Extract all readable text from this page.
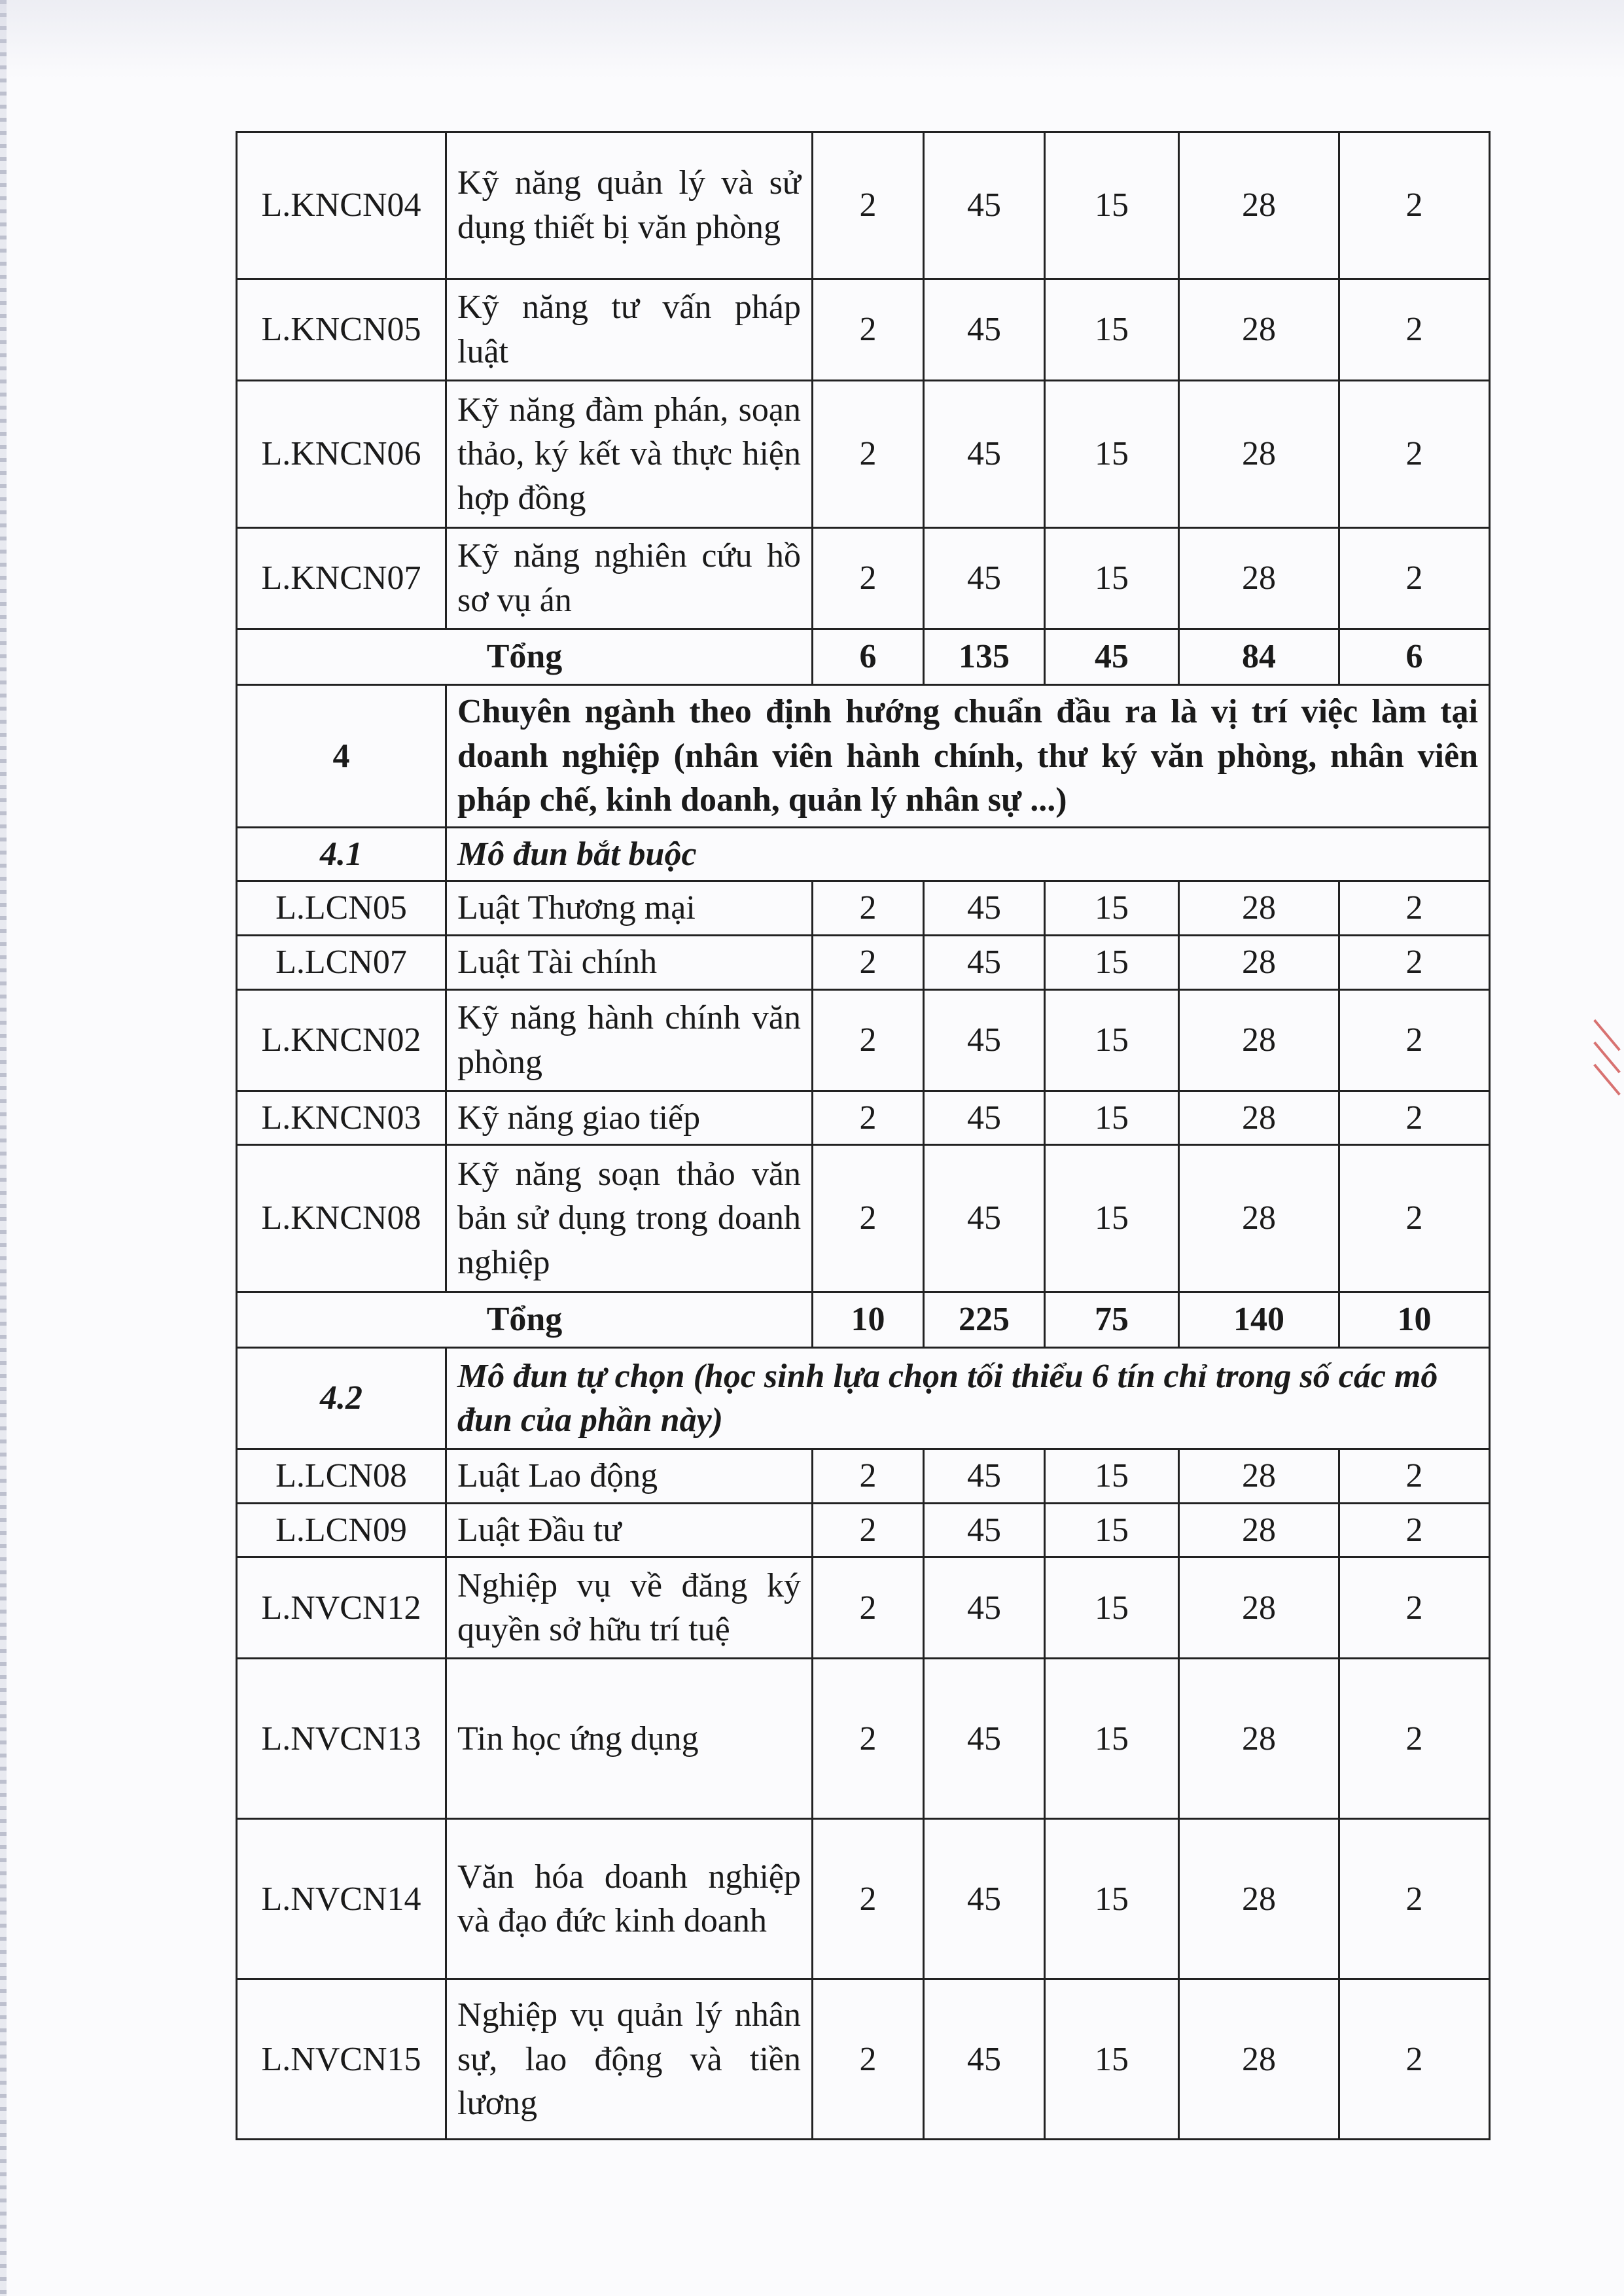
L.KNCN04	Kỹ năng quản lý và sử dụng thiết bị văn phòng	2	45	15	28	2
L.KNCN05	Kỹ năng tư vấn pháp luật	2	45	15	28	2
L.KNCN06	Kỹ năng đàm phán, soạn thảo, ký kết và thực hiện hợp đồng	2	45	15	28	2
L.KNCN07	Kỹ năng nghiên cứu hồ sơ vụ án	2	45	15	28	2
Tổng		6	135	45	84	6
4	Chuyên ngành theo định hướng chuẩn đầu ra là vị trí việc làm tại doanh nghiệp (nhân viên hành chính, thư ký văn phòng, nhân viên pháp chế, kinh doanh, quản lý nhân sự ...)					
4.1	Mô đun bắt buộc					
L.LCN05	Luật Thương mại	2	45	15	28	2
L.LCN07	Luật Tài chính	2	45	15	28	2
L.KNCN02	Kỹ năng hành chính văn phòng	2	45	15	28	2
L.KNCN03	Kỹ năng giao tiếp	2	45	15	28	2
L.KNCN08	Kỹ năng soạn thảo văn bản sử dụng trong doanh nghiệp	2	45	15	28	2
Tổng		10	225	75	140	10
4.2	Mô đun tự chọn (học sinh lựa chọn tối thiểu 6 tín chỉ trong số các mô đun của phần này)					
L.LCN08	Luật Lao động	2	45	15	28	2
L.LCN09	Luật Đầu tư	2	45	15	28	2
L.NVCN12	Nghiệp vụ về đăng ký quyền sở hữu trí tuệ	2	45	15	28	2
L.NVCN13	Tin học ứng dụng	2	45	15	28	2
L.NVCN14	Văn hóa doanh nghiệp và đạo đức kinh doanh	2	45	15	28	2
L.NVCN15	Nghiệp vụ quản lý nhân sự, lao động và tiền lương	2	45	15	28	2
